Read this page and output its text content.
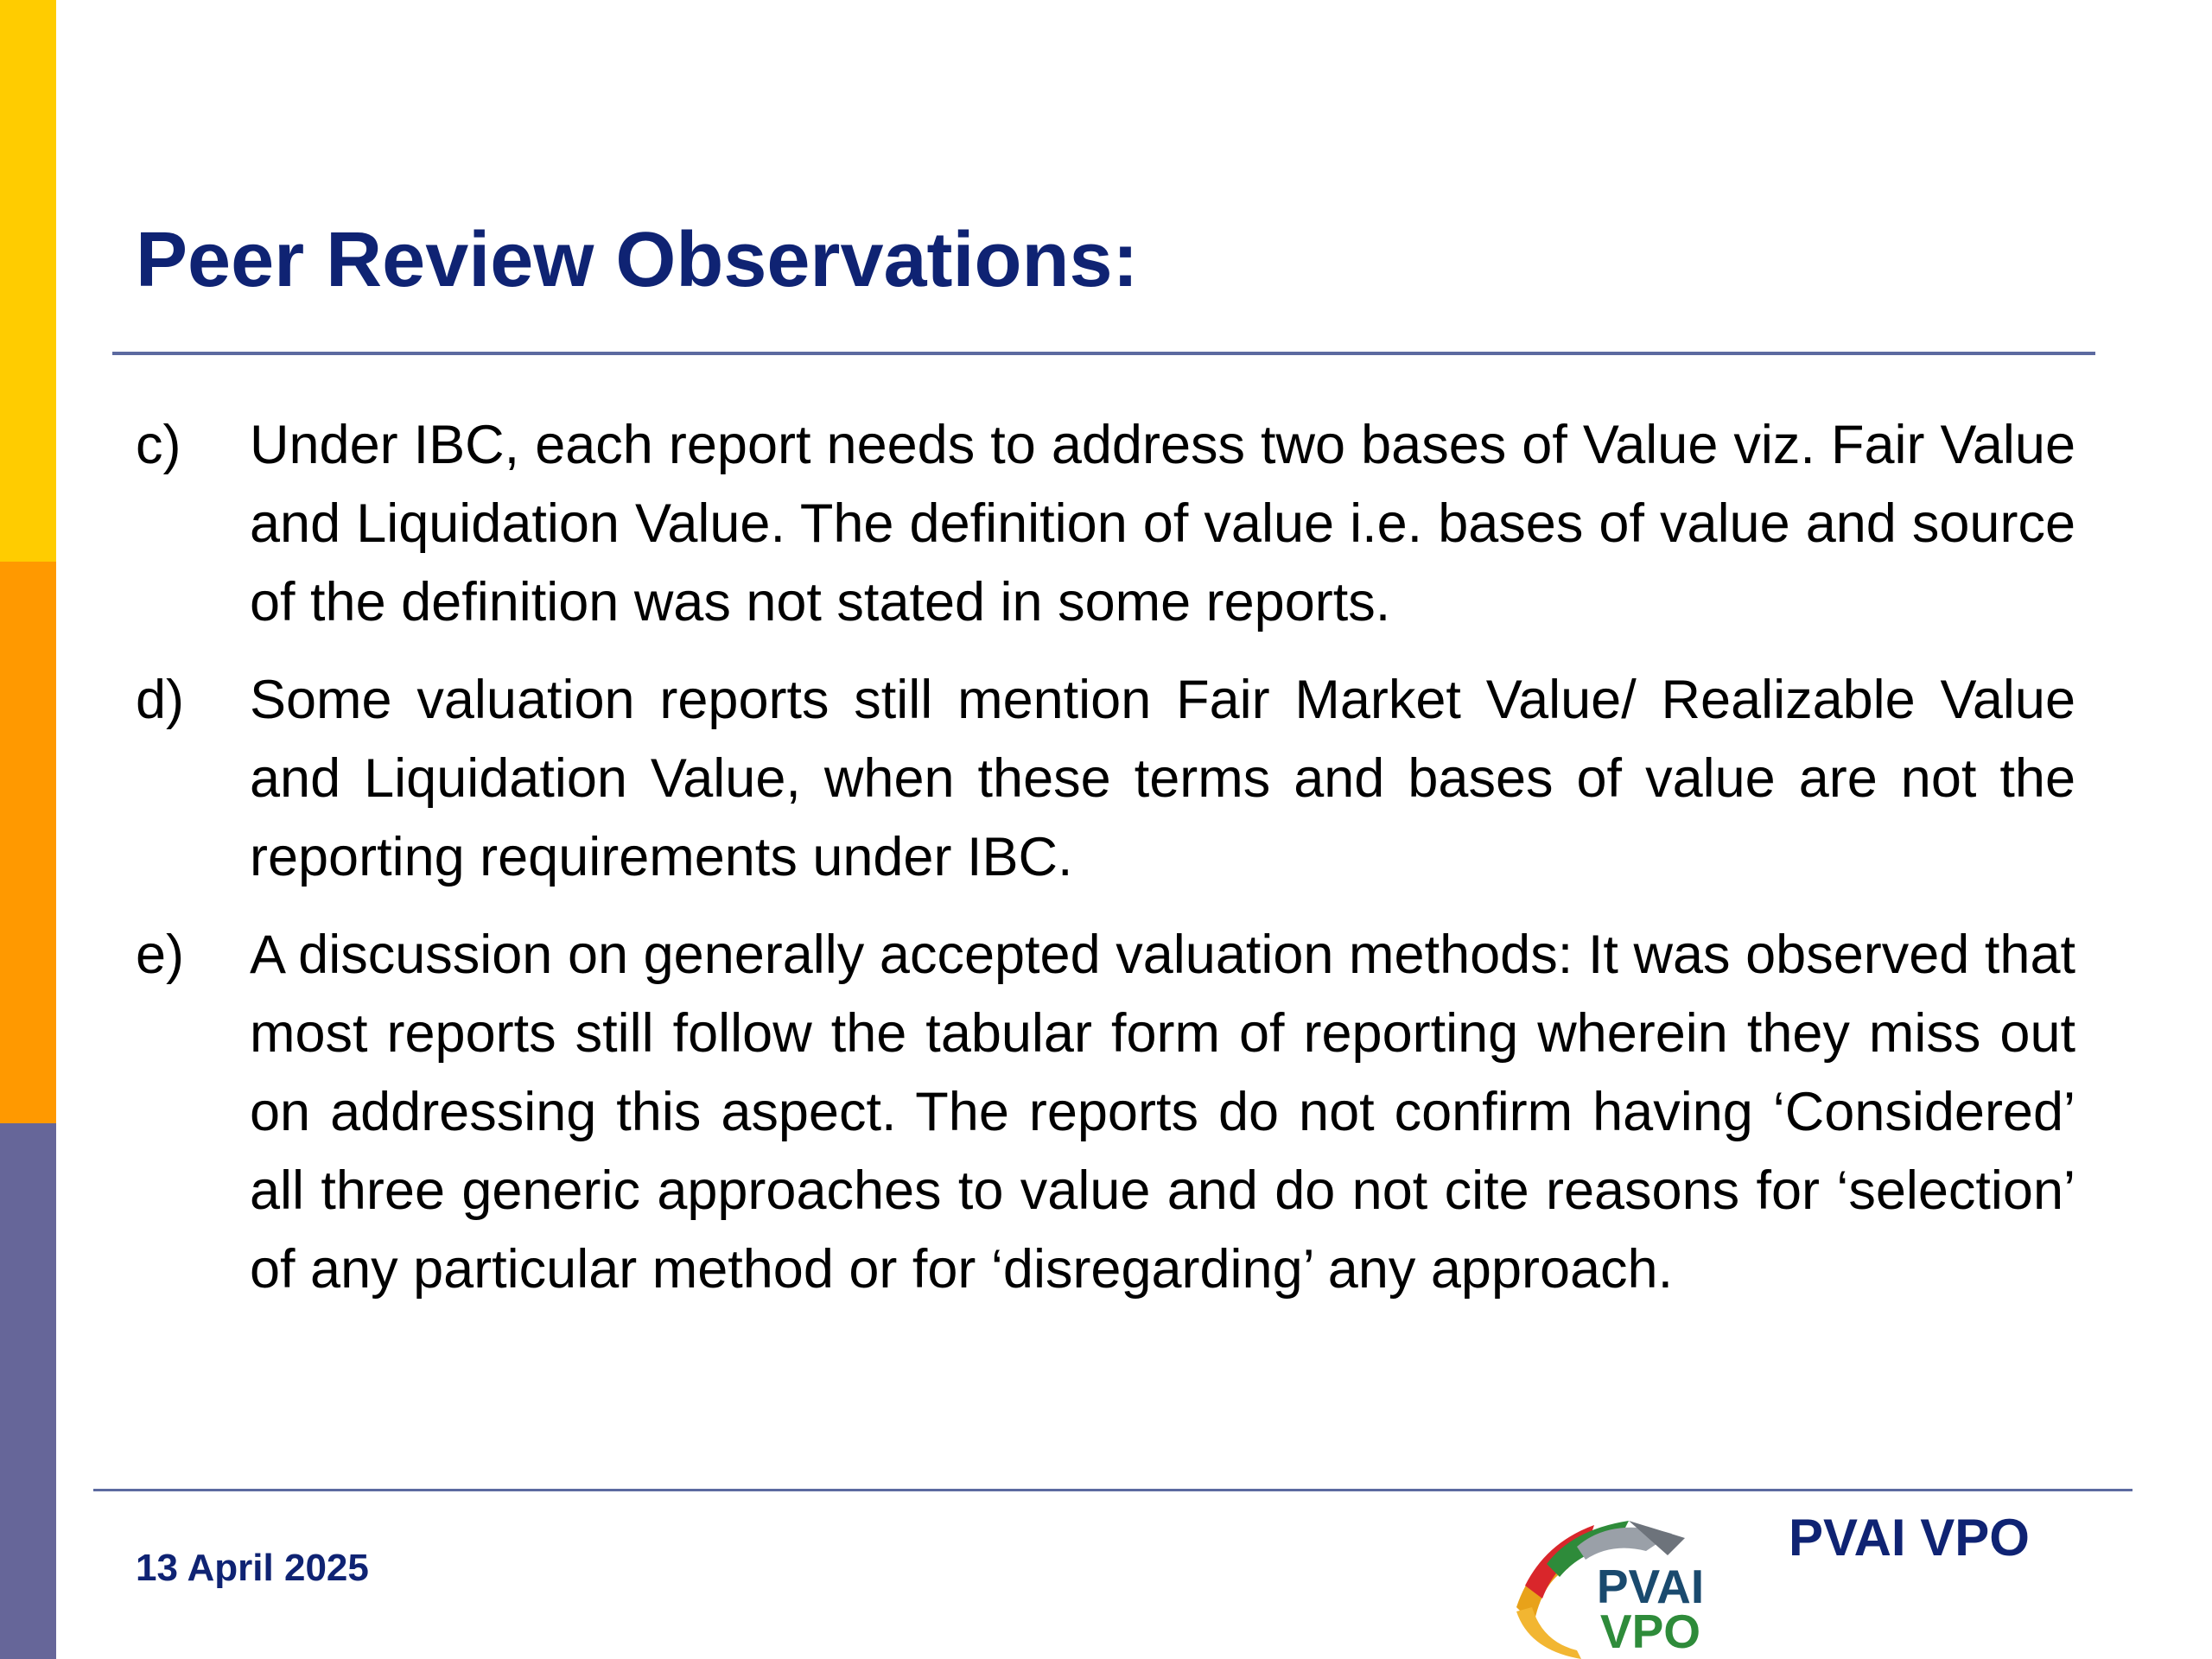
Peer Review Observations:
c)	Under IBC, each report needs to address two bases of Value viz. Fair Value and Liquidation Value. The definition of value i.e. bases of value and source of the definition was not stated in some reports.
d)	Some valuation reports still mention Fair Market Value/ Realizable Value and Liquidation Value, when these terms and bases of value are not the reporting requirements under IBC.
e)	A discussion on generally accepted valuation methods: It was observed that most reports still follow the tabular form of reporting wherein they miss out on addressing this aspect. The reports do not confirm having ‘Considered’ all three generic approaches to value and do not cite reasons for ‘selection’ of any particular method or for ‘disregarding’ any approach.
13 April 2025	PVAI
VPO
PVAI VPO
